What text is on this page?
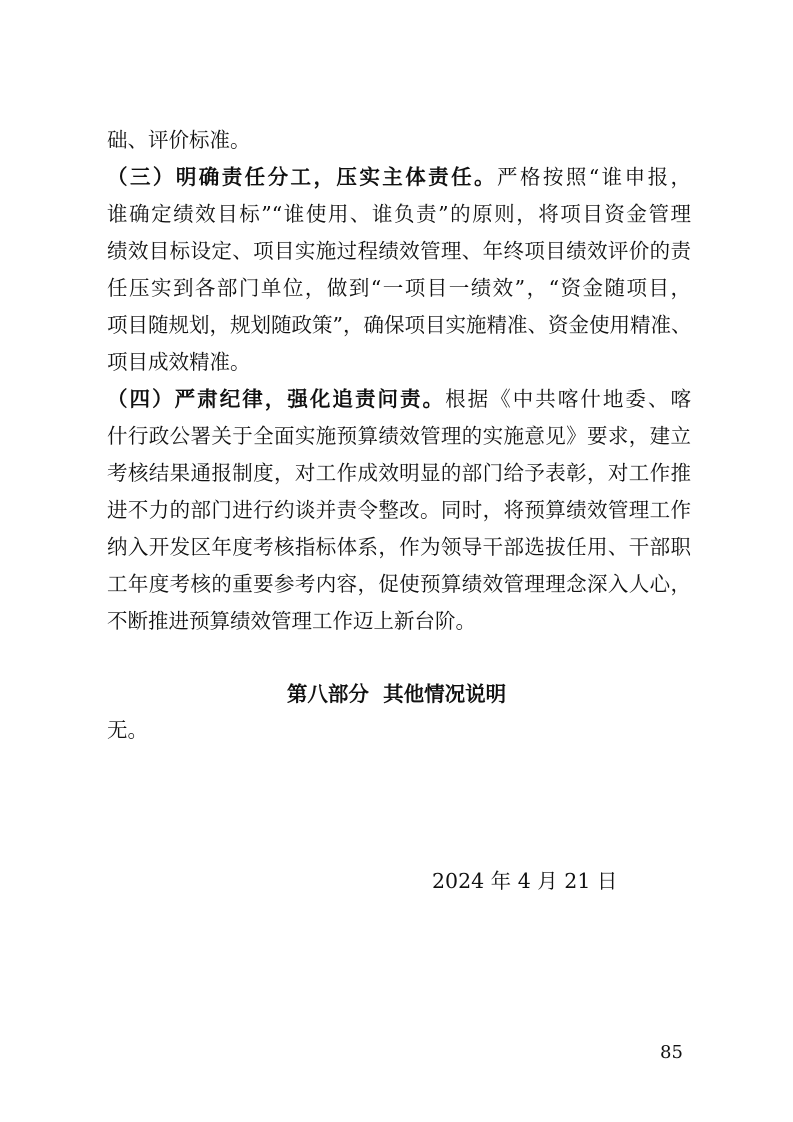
础、评价标准。
（三）明确责任分工，压实主体责任。严格按照“谁申报，
谁确定绩效目标”“谁使用、谁负责”的原则，将项目资金管理
绩效目标设定、项目实施过程绩效管理、年终项目绩效评价的责
任压实到各部门单位，做到“一项目一绩效”，“资金随项目，
项目随规划，规划随政策”，确保项目实施精准、资金使用精准、
项目成效精准。
（四）严肃纪律，强化追责问责。根据《中共喀什地委、喀
什行政公署关于全面实施预算绩效管理的实施意见》要求，建立
考核结果通报制度，对工作成效明显的部门给予表彰，对工作推
进不力的部门进行约谈并责令整改。同时，将预算绩效管理工作
纳入开发区年度考核指标体系，作为领导干部选拔任用、干部职
工年度考核的重要参考内容，促使预算绩效管理理念深入人心，
不断推进预算绩效管理工作迈上新台阶。
第八部分  其他情况说明
无。
2024 年 4 月 21 日
85
